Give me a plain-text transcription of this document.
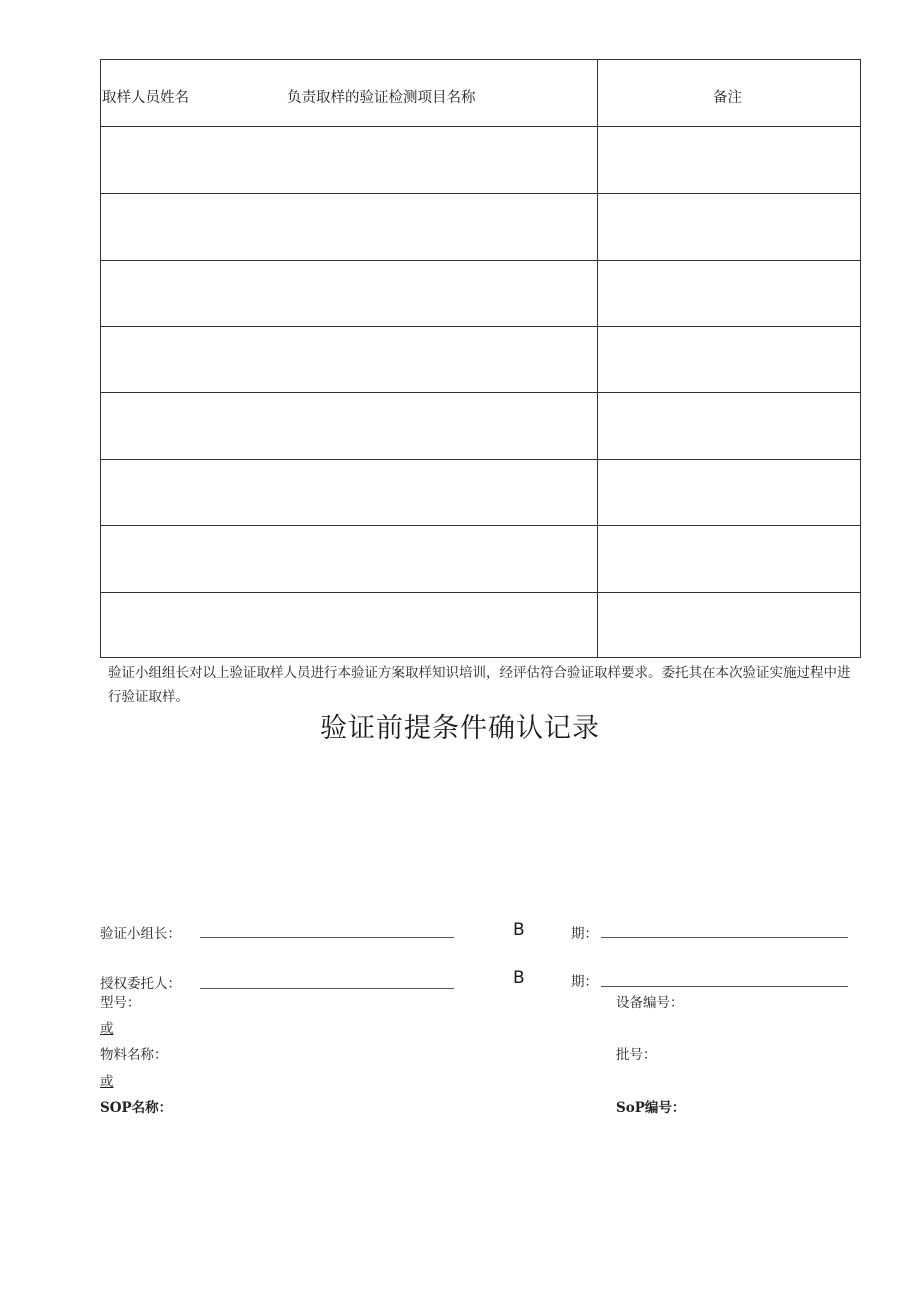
取样人员姓名	负责取样的验证检测项目名称	备注
验证小组组长对以上验证取样人员进行本验证方案取样知识培训，经评估符合验证取样要求。委托其在本次验证实施过程中进行验证取样。
验证前提条件确认记录
验证小组长：	B	期：
授权委托人：	B	期：
型号：	设备编号：
或
物料名称：	批号：
或
SOP名称：	SoP编号：
